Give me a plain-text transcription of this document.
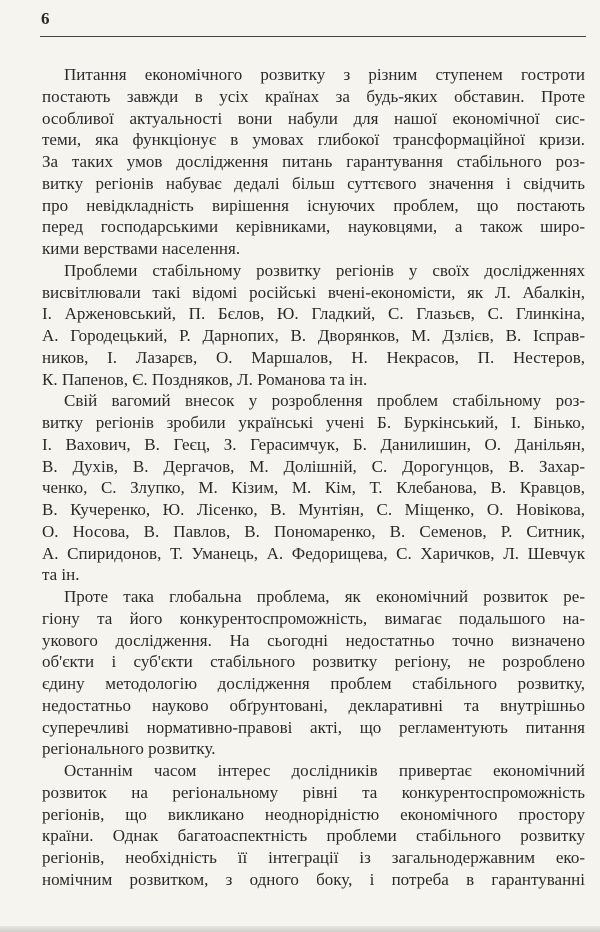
6
Питання економічного розвитку з різним ступенем гостроти
постають завжди в усіх країнах за будь-яких обставин. Проте
особливої актуальності вони набули для нашої економічної сис-
теми, яка функціонує в умовах глибокої трансформаційної кризи.
За таких умов дослідження питань гарантування стабільного роз-
витку регіонів набуває дедалі більш суттєвого значення і свідчить
про невідкладність вирішення існуючих проблем, що постають
перед господарськими керівниками, науковцями, а також широ-
кими верствами населення.
Проблеми стабільному розвитку регіонів у своїх дослідженнях
висвітлювали такі відомі російські вчені-економісти, як Л. Абалкін,
І. Арженовський, П. Бєлов, Ю. Гладкий, С. Глазьєв, С. Глинкіна,
А. Городецький, Р. Дарнопих, В. Дворянков, М. Дзлієв, В. Ісправ-
ников, І. Лазарєв, О. Маршалов, Н. Некрасов, П. Нестеров,
К. Папенов, Є. Поздняков, Л. Романова та ін.
Свій вагомий внесок у розроблення проблем стабільному роз-
витку регіонів зробили українські учені Б. Буркінський, І. Бінько,
І. Вахович, В. Геєц, З. Герасимчук, Б. Данилишин, О. Данільян,
В. Духів, В. Дергачов, М. Долішній, С. Дорогунцов, В. Захар-
ченко, С. Злупко, М. Кізим, М. Кім, Т. Клебанова, В. Кравцов,
В. Кучеренко, Ю. Лісенко, В. Мунтіян, С. Міщенко, О. Новікова,
О. Носова, В. Павлов, В. Пономаренко, В. Семенов, Р. Ситник,
А. Спиридонов, Т. Уманець, А. Федорищева, С. Харичков, Л. Шевчук
та ін.
Проте така глобальна проблема, як економічний розвиток ре-
гіону та його конкурентоспроможність, вимагає подальшого на-
укового дослідження. На сьогодні недостатньо точно визначено
об'єкти і суб'єкти стабільного розвитку регіону, не розроблено
єдину методологію дослідження проблем стабільного розвитку,
недостатньо науково обґрунтовані, декларативні та внутрішньо
суперечливі нормативно-правові акті, що регламентують питання
регіонального розвитку.
Останнім часом інтерес дослідників привертає економічний
розвиток на регіональному рівні та конкурентоспроможність
регіонів, що викликано неоднорідністю економічного простору
країни. Однак багатоаспектність проблеми стабільного розвитку
регіонів, необхідність її інтеграції із загальнодержавним еко-
номічним розвитком, з одного боку, і потреба в гарантуванні
